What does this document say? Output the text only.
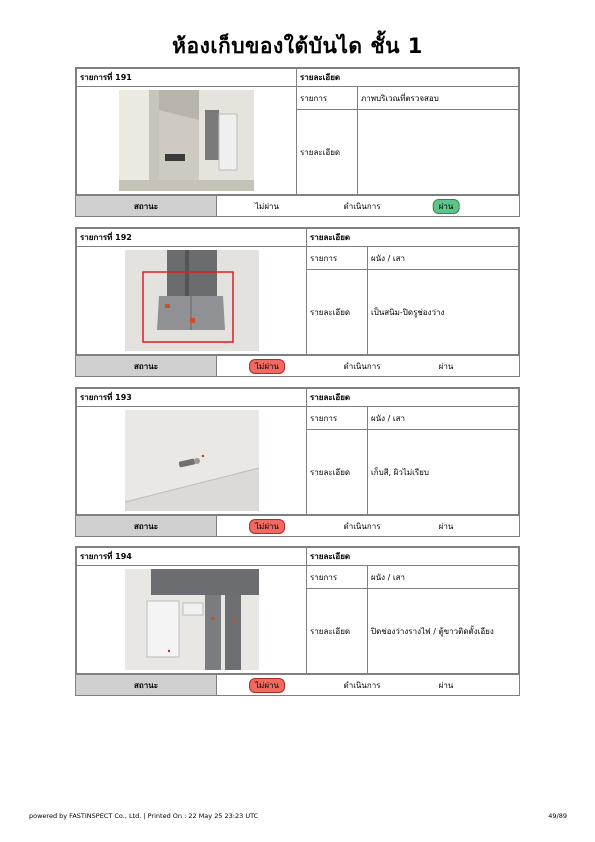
ห้องเก็บของใต้บันได ชั้น 1
รายการที่ 191	รายละเอียด	

	รายการ	ภาพบริเวณที่ตรวจสอบ
	รายละเอียด	
สถานะ	ไม่ผ่าน	ดำเนินการ	ผ่าน
รายการที่ 192	รายละเอียด	

	รายการ	ผนัง / เสา
	รายละเอียด	เป็นสนิม-ปิดรูช่องว่าง
สถานะ	ไม่ผ่าน	ดำเนินการ	ผ่าน
รายการที่ 193	รายละเอียด	

	รายการ	ผนัง / เสา
	รายละเอียด	เก็บสี, ผิวไม่เรียบ
สถานะ	ไม่ผ่าน	ดำเนินการ	ผ่าน
รายการที่ 194	รายละเอียด	

	รายการ	ผนัง / เสา
	รายละเอียด	ปิดช่องว่างรางไฟ / ตู้ขาวติดตั้งเอียง
สถานะ	ไม่ผ่าน	ดำเนินการ	ผ่าน
powered by FASTINSPECT Co., Ltd. | Printed On : 22 May 25 23:23 UTC	49/89
